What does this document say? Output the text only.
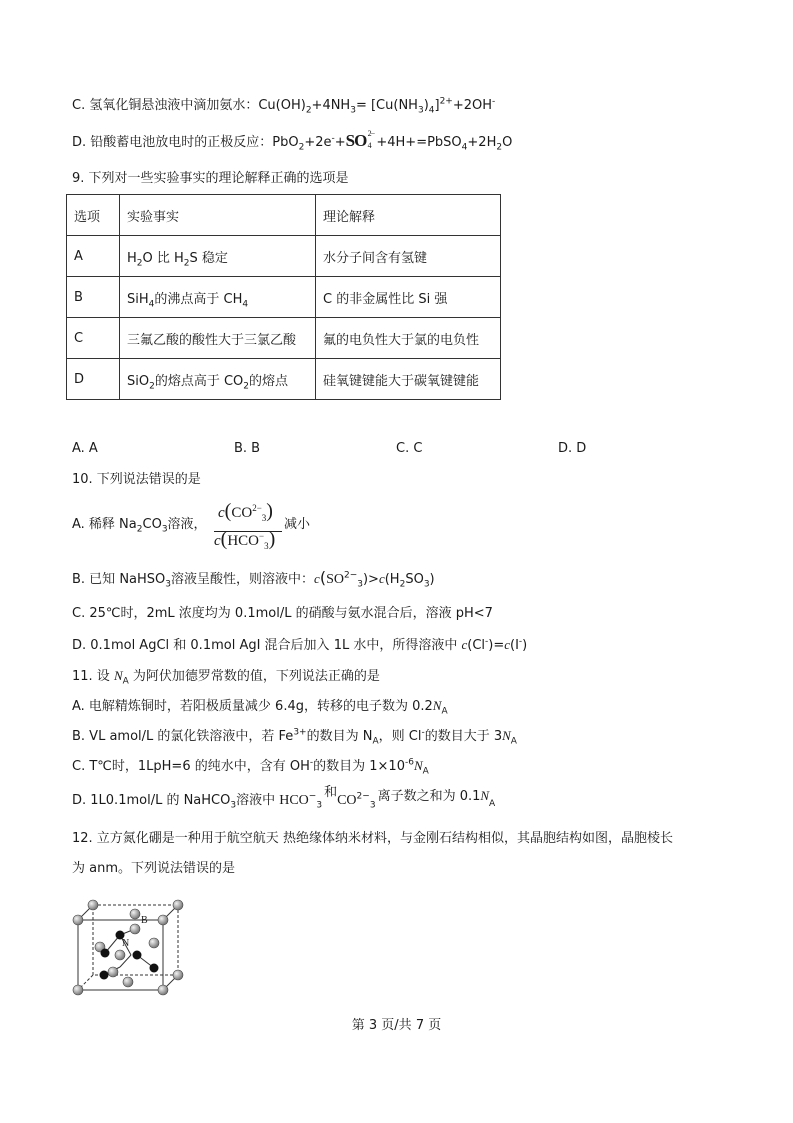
C. 氢氧化铜悬浊液中滴加氨水：$Cu(OH)_2+4NH_3= [Cu(NH_3)_4]^{2+}+2OH^-$
D. 铅酸蓄电池放电时的正极反应：PbO$_2$+2e-+SO 2−
$4 +4H+=PbSO_4+2H_2O$
9. 下列对一些实验事实的理论解释正确的选项是
选项	实验事实	理论解释
A	$H_2O$ 比 $H_2S$ 稳定	水分子间含有氢键
B	SiH$_4$的沸点高于 $CH_4$	C 的非金属性比 Si 强
C	三氟乙酸的酸性大于三氯乙酸	氟的电负性大于氯的电负性
D	SiO$_2$的熔点高于 $CO_2$的熔点	硅氧键键能大于碳氧键键能
A. A	B. B	C. C	D. D
10. 下列说法错误的是
A. 稀释 $Na_2CO_3$溶液，
$c(CO^{2-}_3)$
$c(HCO^-_3)$
减小
B. 已知 NaHSO$_3$溶液呈酸性，则溶液中：$c(SO^{2-}_3)>c(H_2SO_3)$
C. 25℃时，2mL 浓度均为 0.1mol/L 的硝酸与氨水混合后，溶液 pH<7
D. 0.1mol AgCl 和 0.1mol AgI 混合后加入 1L 水中，所得溶液中 c(Cl-)=c(I-)
11. 设 $N_A$ 为阿伏加德罗常数的值，下列说法正确的是
A. 电解精炼铜时，若阳极质量减少 6.4g，转移的电子数为 $0.2N_A$
B. VL amol/L 的氯化铁溶液中，若 $Fe^{3+}$的数目为 $N_A$，则 Cl-的数目大于 $3N_A$
C. T℃时，1LpH=6 的纯水中，含有 OH-的数目为 $1\times 10^{-6}N_A$
D. 1L0.1mol/L 的 NaHCO$_3$溶液中 $HCO^-_3$和$CO^{2-}_3$离子数之和为 $0.1N_A$
12. 立方氮化硼是一种用于航空航天 热绝缘体纳米材料，与金刚石结构相似，其晶胞结构如图，晶胞棱长
为 anm。下列说法错误的是
B
N
第 3 页/共 7 页
